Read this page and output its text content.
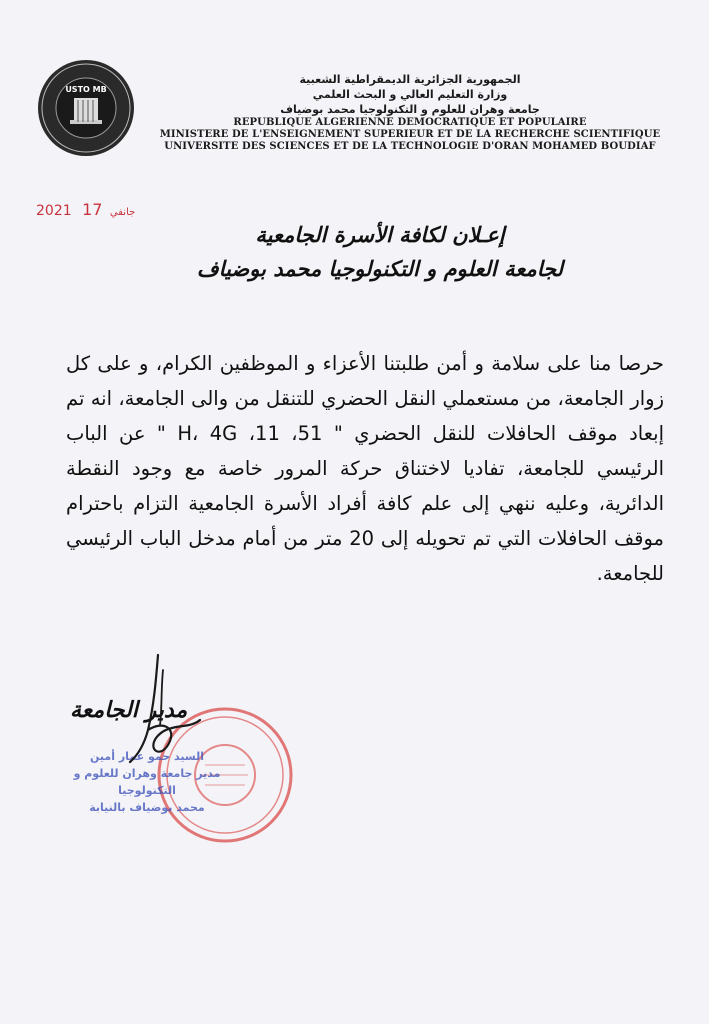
USTO MB

الجمهورية الجزائرية الديمقراطية الشعبية

وزارة التعليم العالي و البحث العلمي

جامعة وهران للعلوم و التكنولوجيا محمد بوضياف

REPUBLIQUE ALGERIENNE DEMOCRATIQUE ET POPULAIRE

MINISTERE DE L'ENSEIGNEMENT SUPERIEUR ET DE LA RECHERCHE SCIENTIFIQUE

UNIVERSITE DES SCIENCES ET DE LA TECHNOLOGIE D'ORAN MOHAMED BOUDIAF

2021 17 جانفي

إعـلان لكافة الأسرة الجامعية

لجامعة العلوم و التكنولوجيا محمد بوضياف

حرصا منا على سلامة و أمن طلبتنا الأعزاء و الموظفين الكرام، و على كل زوار الجامعة، من مستعملي النقل الحضري للتنقل من والى الجامعة، انه تم إبعاد موقف الحافلات للنقل الحضري " 51، 11، H، 4G " عن الباب الرئيسي للجامعة، تفاديا لاختناق حركة المرور خاصة مع وجود النقطة الدائرية، وعليه ننهي إلى علم كافة أفراد الأسرة الجامعية التزام باحترام موقف الحافلات التي تم تحويله إلى 20 متر من أمام مدخل الباب الرئيسي للجامعة.

مدير الجامعة

السيد حمو عمار أمين

مدير جامعة وهران للعلوم و التكنولوجيا

محمد بوضياف بالنيابة
